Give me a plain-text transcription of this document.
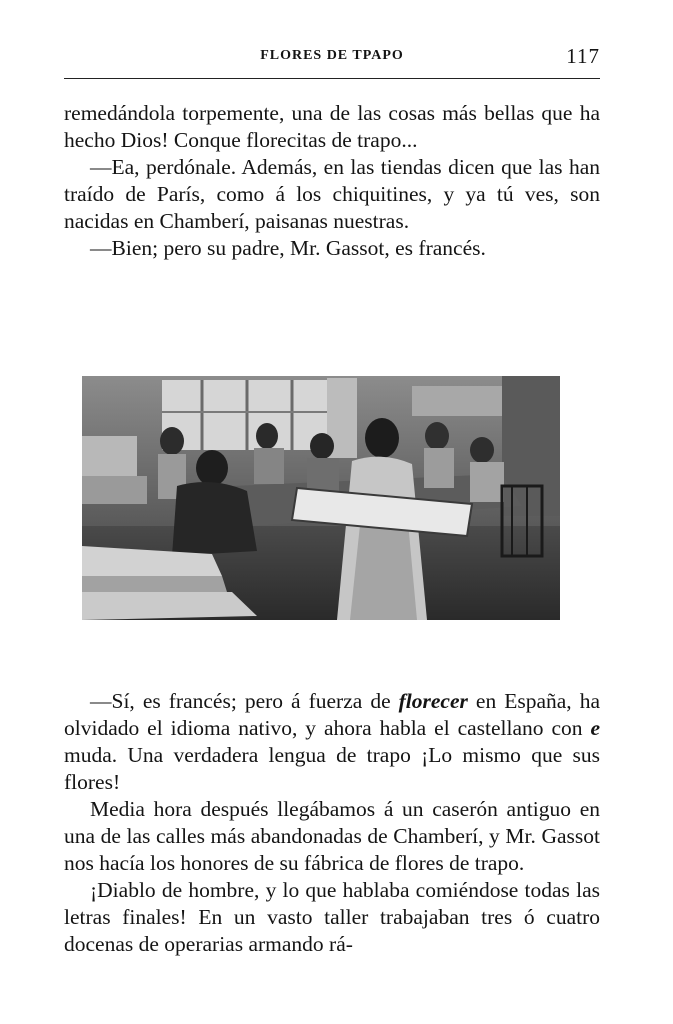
FLORES DE TPAPO	117

remedándola torpemente, una de las cosas más bellas que ha hecho Dios! Conque florecitas de trapo...

—Ea, perdónale. Además, en las tiendas dicen que las han traído de París, como á los chiquitines, y ya tú ves, son nacidas en Chamberí, paisanas nuestras.

—Bien; pero su padre, Mr. Gassot, es francés.

—Sí, es francés; pero á fuerza de florecer en España, ha olvidado el idioma nativo, y ahora habla el castellano con e muda. Una verdadera lengua de trapo ¡Lo mismo que sus flores!

Media hora después llegábamos á un caserón antiguo en una de las calles más abandonadas de Chamberí, y Mr. Gassot nos hacía los honores de su fábrica de flores de trapo.

¡Diablo de hombre, y lo que hablaba comiéndose todas las letras finales! En un vasto taller trabajaban tres ó cuatro docenas de operarias armando rá-
